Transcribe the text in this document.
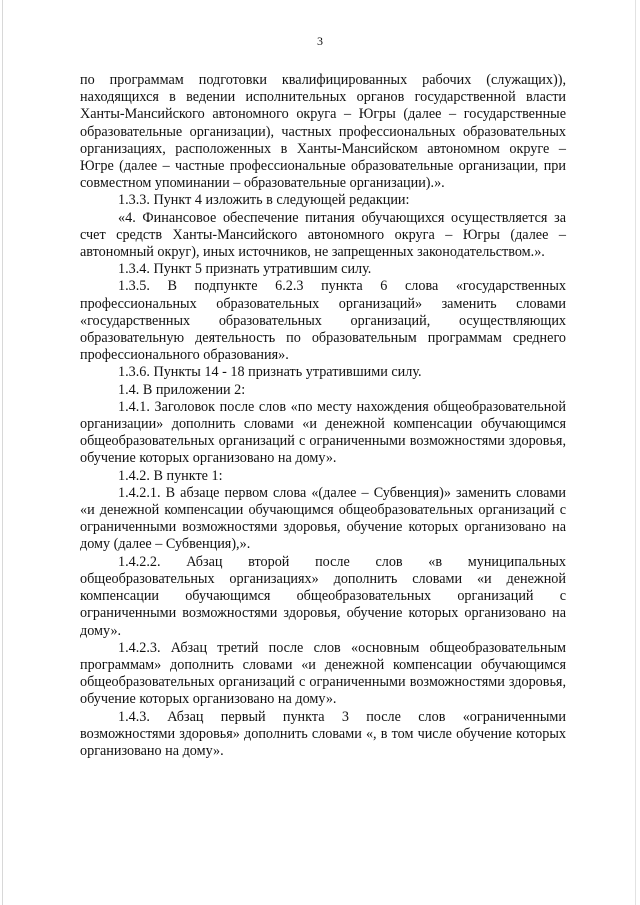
3

по программам подготовки квалифицированных рабочих (служащих)), находящихся в ведении исполнительных органов государственной власти Ханты-Мансийского автономного округа – Югры (далее – государственные образовательные организации), частных профессиональных образовательных организациях, расположенных в Ханты-Мансийском автономном округе – Югре (далее – частные профессиональные образовательные организации, при совместном упоминании – образовательные организации).».

1.3.3. Пункт 4 изложить в следующей редакции:

«4. Финансовое обеспечение питания обучающихся осуществляется за счет средств Ханты-Мансийского автономного округа – Югры (далее – автономный округ), иных источников, не запрещенных законодательством.».

1.3.4. Пункт 5 признать утратившим силу.

1.3.5. В подпункте 6.2.3 пункта 6 слова «государственных профессиональных образовательных организаций» заменить словами «государственных образовательных организаций, осуществляющих образовательную деятельность по образовательным программам среднего профессионального образования».

1.3.6. Пункты 14 - 18 признать утратившими силу.

1.4. В приложении 2:

1.4.1. Заголовок после слов «по месту нахождения общеобразовательной организации» дополнить словами «и денежной компенсации обучающимся общеобразовательных организаций с ограниченными возможностями здоровья, обучение которых организовано на дому».

1.4.2. В пункте 1:

1.4.2.1. В абзаце первом слова «(далее – Субвенция)» заменить словами «и денежной компенсации обучающимся общеобразовательных организаций с ограниченными возможностями здоровья, обучение которых организовано на дому (далее – Субвенция),».

1.4.2.2. Абзац второй после слов «в муниципальных общеобразовательных организациях» дополнить словами «и денежной компенсации обучающимся общеобразовательных организаций с ограниченными возможностями здоровья, обучение которых организовано на дому».

1.4.2.3. Абзац третий после слов «основным общеобразовательным программам» дополнить словами «и денежной компенсации обучающимся общеобразовательных организаций с ограниченными возможностями здоровья, обучение которых организовано на дому».

1.4.3. Абзац первый пункта 3 после слов «ограниченными возможностями здоровья» дополнить словами «, в том числе обучение которых организовано на дому».
